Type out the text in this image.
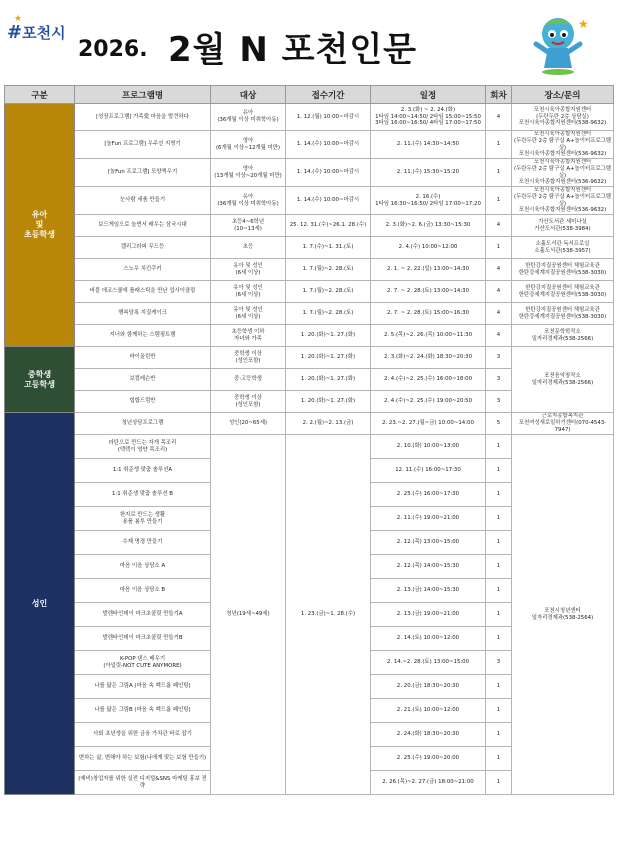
★
#포천시
2026. 2월 N 포천인문
★
구분	프로그램명	대상	접수기간	일정	회차	장소/문의
유아
및
초등학생	[성장프로그램] 가족愛 마음을 발견하다	유아
(36개월 이상 미취학아동)	1. 12.(월) 10:00~마감시	2. 3.(화) ~ 2. 24.(화)
1타임 14:00~14:50/ 2타임 15:00~15:50
3타임 16:00~16:50/ 4타임 17:00~17:50	4	포천시육아종합지원센터
(두란두란 2층 상담실)
포천시육아종합지원센터(538-9632)
	[놀Fun 프로그램] 우주선 지명기	영아
(6개월 이상~12개월 미만)	1. 14.(수) 10:00~마감시	2. 11.(수) 14:30~14:50	1	포천시육아종합지원센터
(두란두란 2층 탐구실 A+놀이터프로그램실)
포천시육아종합지원센터(536-9632)
	[놀Fun 프로그램] 모양찍우기	영아
(13개월 이상~20개월 미만)	1. 14.(수) 10:00~마감시	2. 11.(수) 15:30~15:20	1	포천시육아종합지원센터
(두란두란 2층 탐구실 A+놀이터프로그램실)
포천시육아종합지원센터(536-9632)
	눈사람 세품 만들기	유아
(36개월 이상 미취학아동)	1. 14.(수) 10:00~마감시	2. 16.(수)
1타임 16:30~16:50/ 2타임 17:00~17:20	1	포천시육아종합지원센터
(두란두란 2층 탐구실 A+놀이터프로그램실)
포천시육아종합지원센터(536-9632)
	보드게임으로 놀면서 배우는 삼국시대	초등4~6학년
(10~13세)	25. 12. 31.(수)~26.1. 28.(수)	2. 3.(화)~2. 6.(금) 13:30~15:30	4	가산도서관 세미나실
가산도서관(538-3984)
	캘리그라피 무드등	초등	1. 7.(수)~1. 31.(토)	2. 4.(수) 10:00~12:00	1	소흘도서관 독서프로실
소흘도서관(538-3957)
	스노우 치킨쿠키	유아 및 성인
(6세 이상)	1. 7.(월)~2. 28.(토)	2. 1. ~ 2. 22.(일) 13:00~14:30	4	한탄강지질공원센터 체험교육관
한탄강세계지질공원센터(538-3030)
	버블 에코스쿨에 플래스틱을 만난 업사이클링	유아 및 성인
(6세 이상)	1. 7.(월)~2. 28.(토)	2. 7. ~ 2. 28.(토) 13:00~14:30	4	한탄강지질공원센터 체험교육관
한탄강세계지질공원센터(538-3030)
	행복담록 지질케이크	유아 및 성인
(6세 이상)	1. 7.(월)~2. 28.(토)	2. 7. ~ 2. 28.(토) 15:00~16:30	4	한탄강지질공원센터 체험교육관
한탄강세계지질공원센터(538-3030)
	지너와 함께하는 스탬핑트램	초등학생 이하
자녀와 가족	1. 20.(화)~1. 27.(화)	2. 5.(목)~2. 26.(목) 10:00~11:30	4	포천문학학작소
일자리경제과(538-2566)
중학생
고등학생	바이올린반	중학생 이상
(성인포함)	1. 20.(화)~1. 27.(화)	2. 3.(화)~2. 24.(화) 18:30~20:30	3	포천음악창작소
일자리경제과(538-2566)
	보컬레슨반	중·고등학생	1. 20.(화)~1. 27.(화)	2. 4.(수)~2. 25.(수) 16:00~18:00	3	
	힙합드럼반	중학생 이상
(성인포함)	1. 20.(화)~1. 27.(화)	2. 4.(수)~2. 25.(수) 19:00~20:50	3	
성인	청년상담프로그램	성인(20~65세)	2. 2.(월)~2. 13.(금)	2. 23.~2. 27.(월~금) 10:00~14:00	5	근로자종합복지관
포천여성새로일하기센터(070-4543-7947)
	라탄으로 만드는 자개 목조리
(텍텍이 영양 목조리)	청년(19세~49세)	1. 23.(금)~1. 28.(수)	2. 10.(화) 10:00~13:00	1	포천시청년센터
일자리경제과(538-2564)
	1:1 취준생 맞춤 솔루션A			12. 11.(수) 16:00~17:30	1	
	1:1 취준생 맞춤 솔루션 B			2. 25.(수) 16:00~17:30	1	
	한지로 만드는 생활
용품 봄투 만들기			2. 11.(수) 19:00~21:00	1	
	수제 명경 만들기			2. 12.(목) 13:00~15:00	1	
	마음 이음 상담소 A			2. 12.(목) 14:00~15:30	1	
	마음 이음 상담소 B			2. 13.(금) 14:00~15:30	1	
	발렌타인데이 마크초콜릿 만들기A			2. 13.(금) 19:00~21:00	1	
	발렌타인데이 마크초콜릿 만들기B			2. 14.(토) 10:00~12:00	1	
	K-POP 댄스 배우기
(아일릿-NOT CUTE ANYMORE)			2. 14.~2. 28.(토) 13:00~15:00	3	
	나를 닮은 그림A (마음 속 백드롭 페인팅)			2. 20.(금) 18:30~20:30	1	
	나를 닮은 그림B (마음 속 백드롭 페인팅)			2. 21.(토) 10:00~12:00	1	
	사회 초년생을 위한 금융 가치관 바로 잡기			2. 24.(화) 18:30~20:30	1	
	변하는 삶, 변해야 하는 보험(나에게 맞는 보험 만들기)			2. 25.(수) 19:00~20:00	1	
	(예비)창업자를 위한 실전 디지털&SNS 마케팅 홍보 전략			2. 26.(목)~2. 27.(금) 18:00~21:00	1	
